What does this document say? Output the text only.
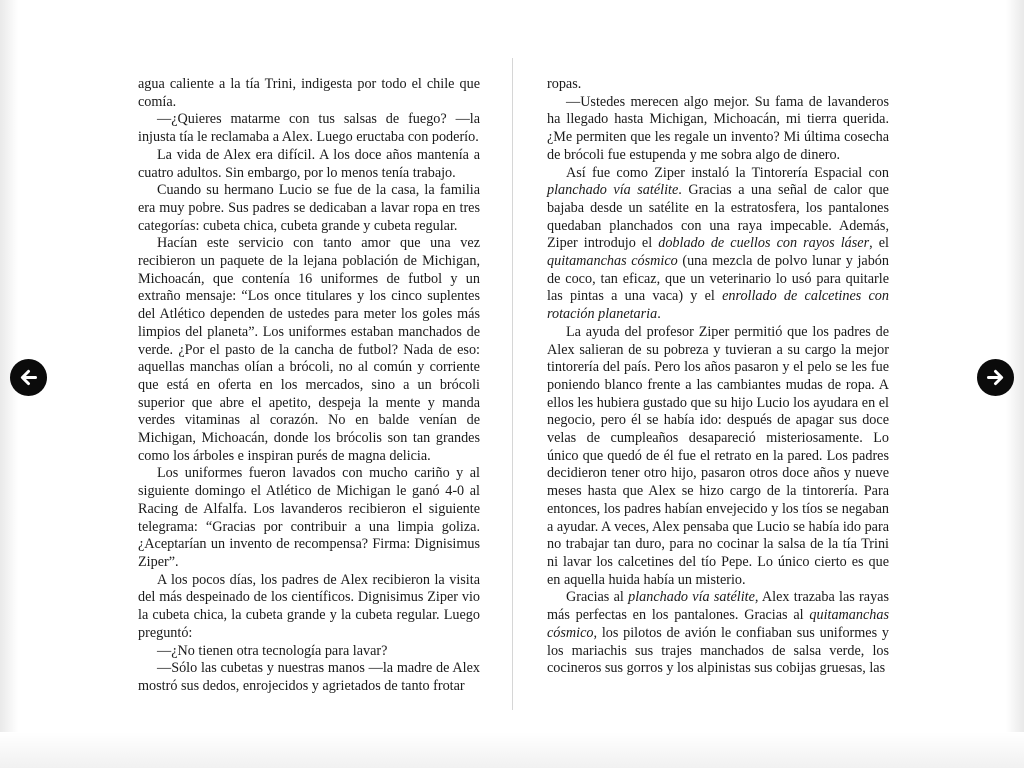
agua caliente a la tía Trini, indigesta por todo el chile que comía.

—¿Quieres matarme con tus salsas de fuego? —la injusta tía le reclamaba a Alex. Luego eructaba con poderío.

La vida de Alex era difícil. A los doce años mantenía a cuatro adultos. Sin embargo, por lo menos tenía trabajo.

Cuando su hermano Lucio se fue de la casa, la familia era muy pobre. Sus padres se dedicaban a lavar ropa en tres categorías: cubeta chica, cubeta grande y cubeta regular.

Hacían este servicio con tanto amor que una vez recibieron un paquete de la lejana población de Michigan, Michoacán, que contenía 16 uniformes de futbol y un extraño mensaje: “Los once titulares y los cinco suplentes del Atlético dependen de ustedes para meter los goles más limpios del planeta”. Los uniformes estaban manchados de verde. ¿Por el pasto de la cancha de futbol? Nada de eso: aquellas manchas olían a brócoli, no al común y corriente que está en oferta en los mercados, sino a un brócoli superior que abre el apetito, despeja la mente y manda verdes vitaminas al corazón. No en balde venían de Michigan, Michoacán, donde los brócolis son tan grandes como los árboles e inspiran purés de magna delicia.

Los uniformes fueron lavados con mucho cariño y al siguiente domingo el Atlético de Michigan le ganó 4-0 al Racing de Alfalfa. Los lavanderos recibieron el siguiente telegrama: “Gracias por contribuir a una limpia goliza. ¿Aceptarían un invento de recompensa? Firma: Dignisimus Ziper”.

A los pocos días, los padres de Alex recibieron la visita del más despeinado de los científicos. Dignisimus Ziper vio la cubeta chica, la cubeta grande y la cubeta regular. Luego preguntó:

—¿No tienen otra tecnología para lavar?

—Sólo las cubetas y nuestras manos —la madre de Alex mostró sus dedos, enrojecidos y agrietados de tanto frotar

ropas.

—Ustedes merecen algo mejor. Su fama de lavanderos ha llegado hasta Michigan, Michoacán, mi tierra querida. ¿Me permiten que les regale un invento? Mi última cosecha de brócoli fue estupenda y me sobra algo de dinero.

Así fue como Ziper instaló la Tintorería Espacial con planchado vía satélite. Gracias a una señal de calor que bajaba desde un satélite en la estratosfera, los pantalones quedaban planchados con una raya impecable. Además, Ziper introdujo el doblado de cuellos con rayos láser, el quitamanchas cósmico (una mezcla de polvo lunar y jabón de coco, tan eficaz, que un veterinario lo usó para quitarle las pintas a una vaca) y el enrollado de calcetines con rotación planetaria.

La ayuda del profesor Ziper permitió que los padres de Alex salieran de su pobreza y tuvieran a su cargo la mejor tintorería del país. Pero los años pasaron y el pelo se les fue poniendo blanco frente a las cambiantes mudas de ropa. A ellos les hubiera gustado que su hijo Lucio los ayudara en el negocio, pero él se había ido: después de apagar sus doce velas de cumpleaños desapareció misteriosamente. Lo único que quedó de él fue el retrato en la pared. Los padres decidieron tener otro hijo, pasaron otros doce años y nueve meses hasta que Alex se hizo cargo de la tintorería. Para entonces, los padres habían envejecido y los tíos se negaban a ayudar. A veces, Alex pensaba que Lucio se había ido para no trabajar tan duro, para no cocinar la salsa de la tía Trini ni lavar los calcetines del tío Pepe. Lo único cierto es que en aquella huida había un misterio.

Gracias al planchado vía satélite, Alex trazaba las rayas más perfectas en los pantalones. Gracias al quitamanchas cósmico, los pilotos de avión le confiaban sus uniformes y los mariachis sus trajes manchados de salsa verde, los cocineros sus gorros y los alpinistas sus cobijas gruesas, las
